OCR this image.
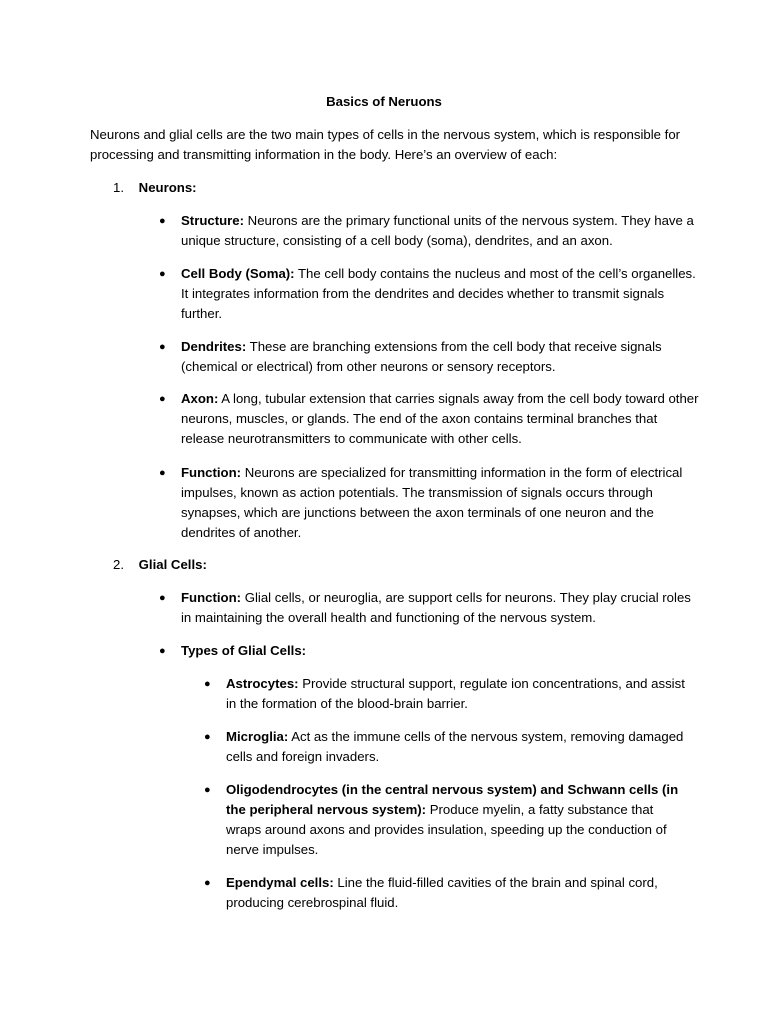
Basics of Neruons
Neurons and glial cells are the two main types of cells in the nervous system, which is responsible for processing and transmitting information in the body. Here’s an overview of each:
1. Neurons:
● Structure: Neurons are the primary functional units of the nervous system. They have a unique structure, consisting of a cell body (soma), dendrites, and an axon.
● Cell Body (Soma): The cell body contains the nucleus and most of the cell’s organelles. It integrates information from the dendrites and decides whether to transmit signals further.
● Dendrites: These are branching extensions from the cell body that receive signals (chemical or electrical) from other neurons or sensory receptors.
● Axon: A long, tubular extension that carries signals away from the cell body toward other neurons, muscles, or glands. The end of the axon contains terminal branches that release neurotransmitters to communicate with other cells.
● Function: Neurons are specialized for transmitting information in the form of electrical impulses, known as action potentials. The transmission of signals occurs through synapses, which are junctions between the axon terminals of one neuron and the dendrites of another.
2. Glial Cells:
● Function: Glial cells, or neuroglia, are support cells for neurons. They play crucial roles in maintaining the overall health and functioning of the nervous system.
● Types of Glial Cells:
● Astrocytes: Provide structural support, regulate ion concentrations, and assist in the formation of the blood-brain barrier.
● Microglia: Act as the immune cells of the nervous system, removing damaged cells and foreign invaders.
● Oligodendrocytes (in the central nervous system) and Schwann cells (in the peripheral nervous system): Produce myelin, a fatty substance that wraps around axons and provides insulation, speeding up the conduction of nerve impulses.
● Ependymal cells: Line the fluid-filled cavities of the brain and spinal cord, producing cerebrospinal fluid.
